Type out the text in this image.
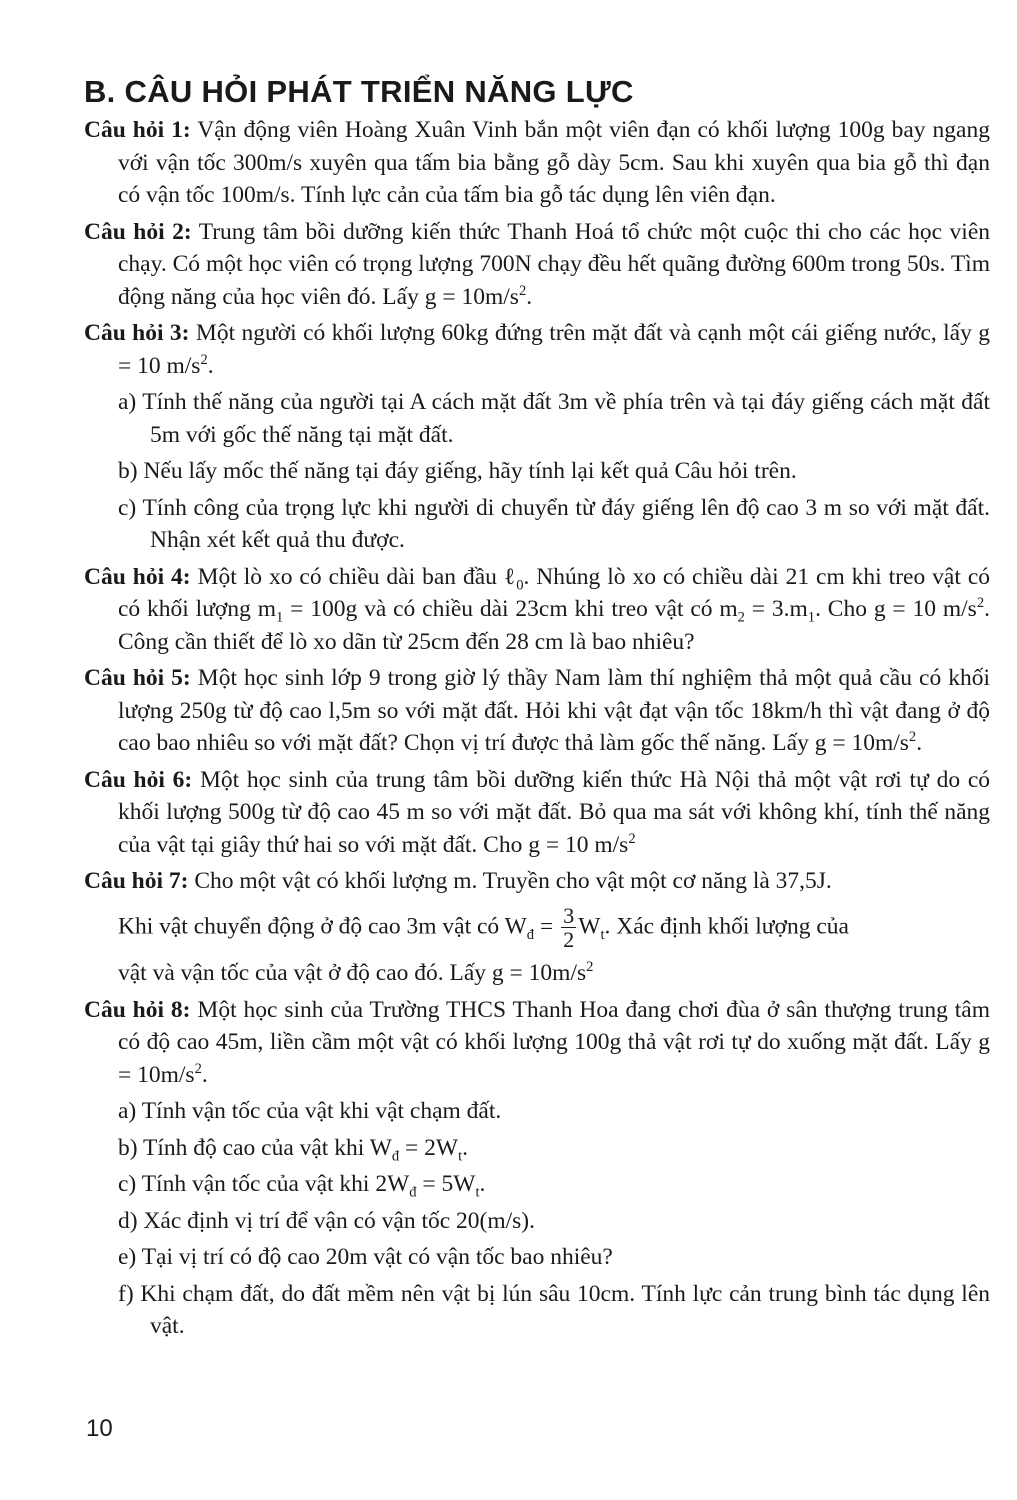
B. CÂU HỎI PHÁT TRIỂN NĂNG LỰC
Câu hỏi 1: Vận động viên Hoàng Xuân Vinh bắn một viên đạn có khối lượng 100g bay ngang với vận tốc 300m/s xuyên qua tấm bia bằng gỗ dày 5cm. Sau khi xuyên qua bia gỗ thì đạn có vận tốc 100m/s. Tính lực cản của tấm bia gỗ tác dụng lên viên đạn.
Câu hỏi 2: Trung tâm bồi dưỡng kiến thức Thanh Hoá tổ chức một cuộc thi cho các học viên chạy. Có một học viên có trọng lượng 700N chạy đều hết quãng đường 600m trong 50s. Tìm động năng của học viên đó. Lấy $g = 10m/s^2$.
Câu hỏi 3: Một người có khối lượng 60kg đứng trên mặt đất và cạnh một cái giếng nước, lấy g = 10 $m/s^2$.
a) Tính thế năng của người tại A cách mặt đất 3m về phía trên và tại đáy giếng cách mặt đất 5m với gốc thế năng tại mặt đất.
b) Nếu lấy mốc thế năng tại đáy giếng, hãy tính lại kết quả Câu hỏi trên.
c) Tính công của trọng lực khi người di chuyển từ đáy giếng lên độ cao 3 m so với mặt đất. Nhận xét kết quả thu được.
Câu hỏi 4: Một lò xo có chiều dài ban đầu ℓ$_0$. Nhúng lò xo có chiều dài 21 cm khi treo vật có có khối lượng $m_1 = 100g$ và có chiều dài 23cm khi treo vật có $m_2 = 3.m_1$. Cho g = 10 $m/s^2$. Công cần thiết để lò xo dãn từ 25cm đến 28 cm là bao nhiêu?
Câu hỏi 5: Một học sinh lớp 9 trong giờ lý thầy Nam làm thí nghiệm thả một quả cầu có khối lượng 250g từ độ cao l,5m so với mặt đất. Hỏi khi vật đạt vận tốc 18km/h thì vật đang ở độ cao bao nhiêu so với mặt đất? Chọn vị trí được thả làm gốc thế năng. Lấy $g = 10m/s^2$.
Câu hỏi 6: Một học sinh của trung tâm bồi dưỡng kiến thức Hà Nội thả một vật rơi tự do có khối lượng 500g từ độ cao 45 m so với mặt đất. Bỏ qua ma sát với không khí, tính thế năng của vật tại giây thứ hai so với mặt đất. Cho g = 10 $m/s^2$
Câu hỏi 7: Cho một vật có khối lượng m. Truyền cho vật một cơ năng là 37,5J.
Khi vật chuyển động ở độ cao 3m vật có $W_đ = \frac{3}{2} W_t$. Xác định khối lượng của
vật và vận tốc của vật ở độ cao đó. Lấy $g = 10m/s^2$
Câu hỏi 8: Một học sinh của Trường THCS Thanh Hoa đang chơi đùa ở sân thượng trung tâm có độ cao 45m, liền cầm một vật có khối lượng 100g thả vật rơi tự do xuống mặt đất. Lấy $g = 10m/s^2$.
a) Tính vận tốc của vật khi vật chạm đất.
b) Tính độ cao của vật khi $W_đ = 2W_t$.
c) Tính vận tốc của vật khi $2W_đ = 5W_t$.
d) Xác định vị trí để vận có vận tốc 20(m/s).
e) Tại vị trí có độ cao 20m vật có vận tốc bao nhiêu?
f) Khi chạm đất, do đất mềm nên vật bị lún sâu 10cm. Tính lực cản trung bình tác dụng lên vật.
10
